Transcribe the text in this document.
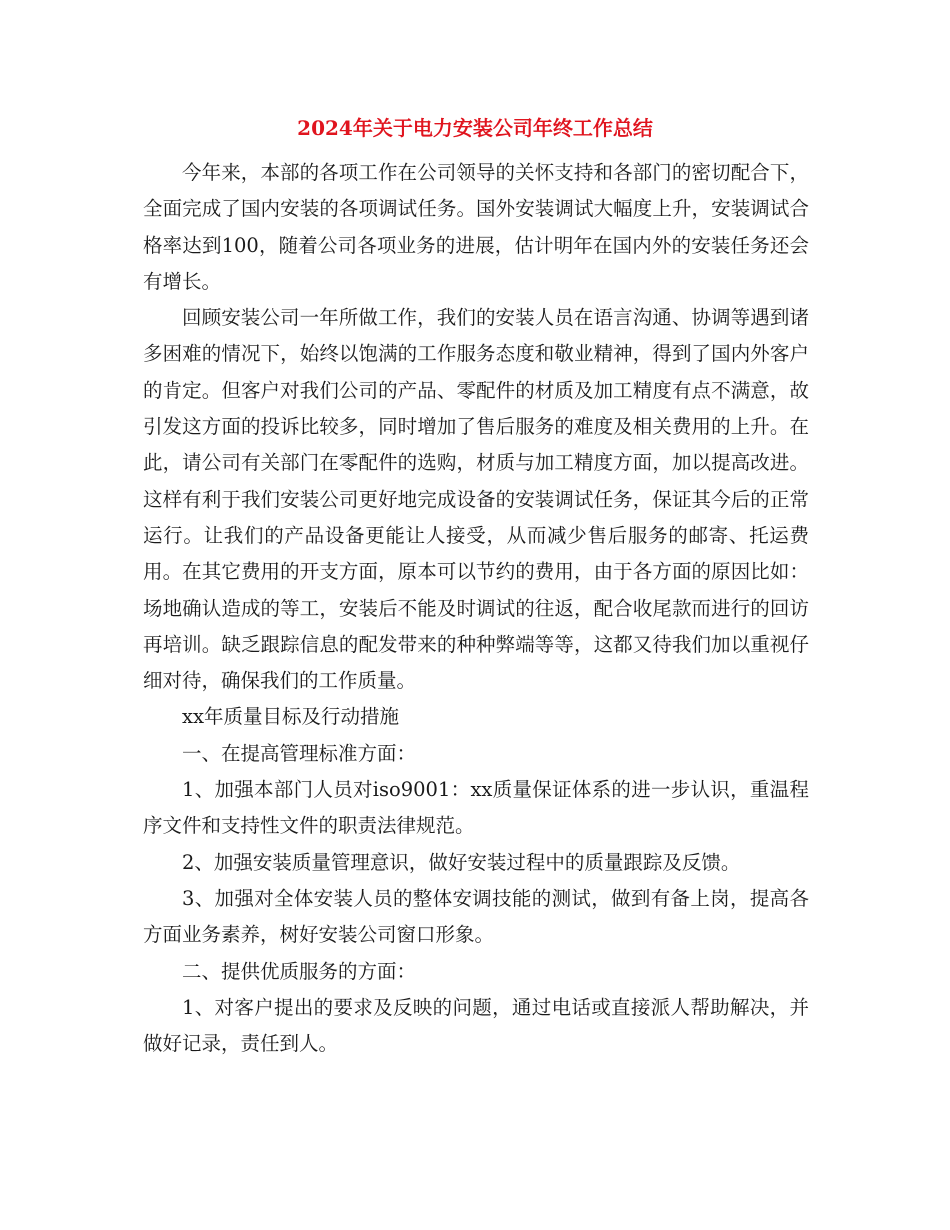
2024年关于电力安装公司年终工作总结

今年来，本部的各项工作在公司领导的关怀支持和各部门的密切配合下，全面完成了国内安装的各项调试任务。国外安装调试大幅度上升，安装调试合格率达到100，随着公司各项业务的进展，估计明年在国内外的安装任务还会有增长。

回顾安装公司一年所做工作，我们的安装人员在语言沟通、协调等遇到诸多困难的情况下，始终以饱满的工作服务态度和敬业精神，得到了国内外客户的肯定。但客户对我们公司的产品、零配件的材质及加工精度有点不满意，故引发这方面的投诉比较多，同时增加了售后服务的难度及相关费用的上升。在此，请公司有关部门在零配件的选购，材质与加工精度方面，加以提高改进。这样有利于我们安装公司更好地完成设备的安装调试任务，保证其今后的正常运行。让我们的产品设备更能让人接受，从而减少售后服务的邮寄、托运费用。在其它费用的开支方面，原本可以节约的费用，由于各方面的原因比如：场地确认造成的等工，安装后不能及时调试的往返，配合收尾款而进行的回访再培训。缺乏跟踪信息的配发带来的种种弊端等等，这都又待我们加以重视仔细对待，确保我们的工作质量。

xx年质量目标及行动措施

一、在提高管理标准方面：

1、加强本部门人员对iso9001：xx质量保证体系的进一步认识，重温程序文件和支持性文件的职责法律规范。

2、加强安装质量管理意识，做好安装过程中的质量跟踪及反馈。

3、加强对全体安装人员的整体安调技能的测试，做到有备上岗，提高各方面业务素养，树好安装公司窗口形象。

二、提供优质服务的方面：

1、对客户提出的要求及反映的问题，通过电话或直接派人帮助解决，并做好记录，责任到人。
